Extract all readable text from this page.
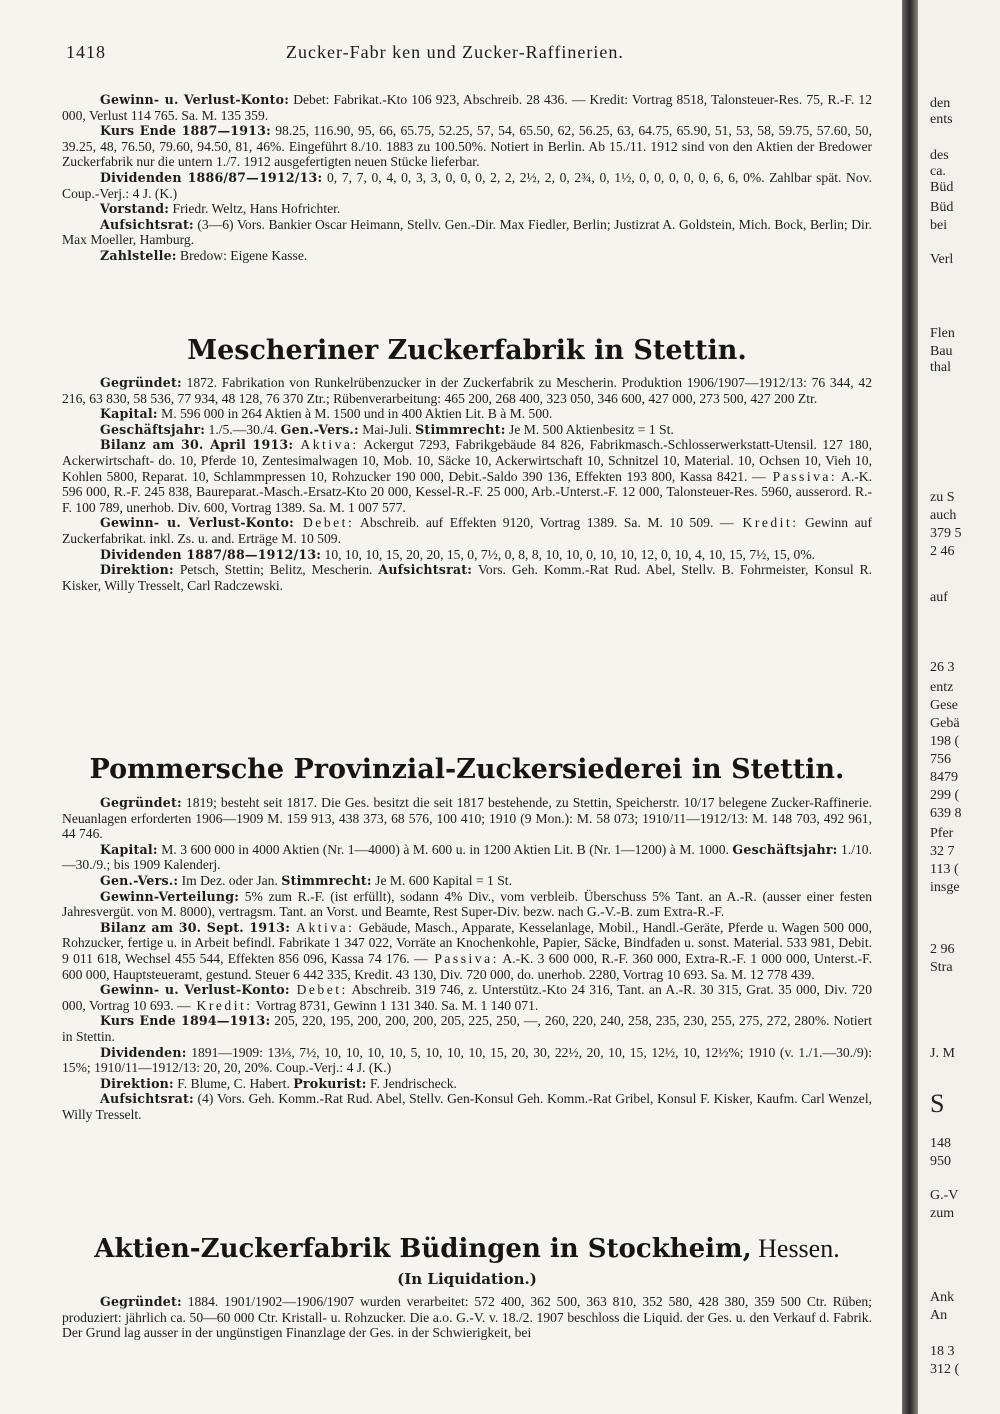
1418	Zucker-Fabr ken und Zucker-Raffinerien.

Gewinn- u. Verlust-Konto: Debet: Fabrikat.-Kto 106 923, Abschreib. 28 436. — Kredit: Vortrag 8518, Talonsteuer-Res. 75, R.-F. 12 000, Verlust 114 765. Sa. M. 135 359.

Kurs Ende 1887—1913: 98.25, 116.90, 95, 66, 65.75, 52.25, 57, 54, 65.50, 62, 56.25, 63, 64.75, 65.90, 51, 53, 58, 59.75, 57.60, 50, 39.25, 48, 76.50, 79.60, 94.50, 81, 46%. Eingeführt 8./10. 1883 zu 100.50%. Notiert in Berlin. Ab 15./11. 1912 sind von den Aktien der Bredower Zuckerfabrik nur die untern 1./7. 1912 ausgefertigten neuen Stücke lieferbar.

Dividenden 1886/87—1912/13: 0, 7, 7, 0, 4, 0, 3, 3, 0, 0, 0, 2, 2, 2½, 2, 0, 2¾, 0, 1½, 0, 0, 0, 0, 0, 6, 6, 0%. Zahlbar spät. Nov. Coup.-Verj.: 4 J. (K.)

Vorstand: Friedr. Weltz, Hans Hofrichter.

Aufsichtsrat: (3—6) Vors. Bankier Oscar Heimann, Stellv. Gen.-Dir. Max Fiedler, Berlin; Justizrat A. Goldstein, Mich. Bock, Berlin; Dir. Max Moeller, Hamburg.

Zahlstelle: Bredow: Eigene Kasse.

Mescheriner Zuckerfabrik in Stettin.

Gegründet: 1872. Fabrikation von Runkelrübenzucker in der Zuckerfabrik zu Mescherin. Produktion 1906/1907—1912/13: 76 344, 42 216, 63 830, 58 536, 77 934, 48 128, 76 370 Ztr.; Rübenverarbeitung: 465 200, 268 400, 323 050, 346 600, 427 000, 273 500, 427 200 Ztr.

Kapital: M. 596 000 in 264 Aktien à M. 1500 und in 400 Aktien Lit. B à M. 500.

Geschäftsjahr: 1./5.—30./4. Gen.-Vers.: Mai-Juli. Stimmrecht: Je M. 500 Aktienbesitz = 1 St.

Bilanz am 30. April 1913: Aktiva: Ackergut 7293, Fabrikgebäude 84 826, Fabrikmasch.-Schlosserwerkstatt-Utensil. 127 180, Ackerwirtschaft- do. 10, Pferde 10, Zentesimalwagen 10, Mob. 10, Säcke 10, Ackerwirtschaft 10, Schnitzel 10, Material. 10, Ochsen 10, Vieh 10, Kohlen 5800, Reparat. 10, Schlammpressen 10, Rohzucker 190 000, Debit.-Saldo 390 136, Effekten 193 800, Kassa 8421. — Passiva: A.-K. 596 000, R.-F. 245 838, Baureparat.-Masch.-Ersatz-Kto 20 000, Kessel-R.-F. 25 000, Arb.-Unterst.-F. 12 000, Talonsteuer-Res. 5960, ausserord. R.-F. 100 789, unerhob. Div. 600, Vortrag 1389. Sa. M. 1 007 577.

Gewinn- u. Verlust-Konto: Debet: Abschreib. auf Effekten 9120, Vortrag 1389. Sa. M. 10 509. — Kredit: Gewinn auf Zuckerfabrikat. inkl. Zs. u. and. Erträge M. 10 509.

Dividenden 1887/88—1912/13: 10, 10, 10, 15, 20, 20, 15, 0, 7½, 0, 8, 8, 10, 10, 0, 10, 10, 12, 0, 10, 4, 10, 15, 7½, 15, 0%.

Direktion: Petsch, Stettin; Belitz, Mescherin. Aufsichtsrat: Vors. Geh. Komm.-Rat Rud. Abel, Stellv. B. Fohrmeister, Konsul R. Kisker, Willy Tresselt, Carl Radczewski.

Pommersche Provinzial-Zuckersiederei in Stettin.

Gegründet: 1819; besteht seit 1817. Die Ges. besitzt die seit 1817 bestehende, zu Stettin, Speicherstr. 10/17 belegene Zucker-Raffinerie. Neuanlagen erforderten 1906—1909 M. 159 913, 438 373, 68 576, 100 410; 1910 (9 Mon.): M. 58 073; 1910/11—1912/13: M. 148 703, 492 961, 44 746.

Kapital: M. 3 600 000 in 4000 Aktien (Nr. 1—4000) à M. 600 u. in 1200 Aktien Lit. B (Nr. 1—1200) à M. 1000. Geschäftsjahr: 1./10.—30./9.; bis 1909 Kalenderj.

Gen.-Vers.: Im Dez. oder Jan. Stimmrecht: Je M. 600 Kapital = 1 St.

Gewinn-Verteilung: 5% zum R.-F. (ist erfüllt), sodann 4% Div., vom verbleib. Überschuss 5% Tant. an A.-R. (ausser einer festen Jahresvergüt. von M. 8000), vertragsm. Tant. an Vorst. und Beamte, Rest Super-Div. bezw. nach G.-V.-B. zum Extra-R.-F.

Bilanz am 30. Sept. 1913: Aktiva: Gebäude, Masch., Apparate, Kesselanlage, Mobil., Handl.-Geräte, Pferde u. Wagen 500 000, Rohzucker, fertige u. in Arbeit befindl. Fabrikate 1 347 022, Vorräte an Knochenkohle, Papier, Säcke, Bindfaden u. sonst. Material. 533 981, Debit. 9 011 618, Wechsel 455 544, Effekten 856 096, Kassa 74 176. — Passiva: A.-K. 3 600 000, R.-F. 360 000, Extra-R.-F. 1 000 000, Unterst.-F. 600 000, Hauptsteueramt, gestund. Steuer 6 442 335, Kredit. 43 130, Div. 720 000, do. unerhob. 2280, Vortrag 10 693. Sa. M. 12 778 439.

Gewinn- u. Verlust-Konto: Debet: Abschreib. 319 746, z. Unterstütz.-Kto 24 316, Tant. an A.-R. 30 315, Grat. 35 000, Div. 720 000, Vortrag 10 693. — Kredit: Vortrag 8731, Gewinn 1 131 340. Sa. M. 1 140 071.

Kurs Ende 1894—1913: 205, 220, 195, 200, 200, 200, 205, 225, 250, —, 260, 220, 240, 258, 235, 230, 255, 275, 272, 280%. Notiert in Stettin.

Dividenden: 1891—1909: 13⅓, 7½, 10, 10, 10, 10, 5, 10, 10, 10, 15, 20, 30, 22½, 20, 10, 15, 12½, 10, 12½%; 1910 (v. 1./1.—30./9): 15%; 1910/11—1912/13: 20, 20, 20%. Coup.-Verj.: 4 J. (K.)

Direktion: F. Blume, C. Habert. Prokurist: F. Jendrischeck.

Aufsichtsrat: (4) Vors. Geh. Komm.-Rat Rud. Abel, Stellv. Gen-Konsul Geh. Komm.-Rat Gribel, Konsul F. Kisker, Kaufm. Carl Wenzel, Willy Tresselt.

Aktien-Zuckerfabrik Büdingen in Stockheim, Hessen.
(In Liquidation.)

Gegründet: 1884. 1901/1902—1906/1907 wurden verarbeitet: 572 400, 362 500, 363 810, 352 580, 428 380, 359 500 Ctr. Rüben; produziert: jährlich ca. 50—60 000 Ctr. Kristall- u. Rohzucker. Die a.o. G.-V. v. 18./2. 1907 beschloss die Liquid. der Ges. u. den Verkauf d. Fabrik. Der Grund lag ausser in der ungünstigen Finanzlage der Ges. in der Schwierigkeit, bei

den
ents
des
ca.
Büd
Büd
bei
Verl
Flen
Bau
thal
zu S
auch
379 5
2 46
auf
26 3
entz
Gese
Gebä
198 (
756
8479
299 (
639 8
Pfer
32 7
113 (
insge
2 96
Stra
J. M
S
148
950
G.-V
zum
Ank
An
18 3
312 (
